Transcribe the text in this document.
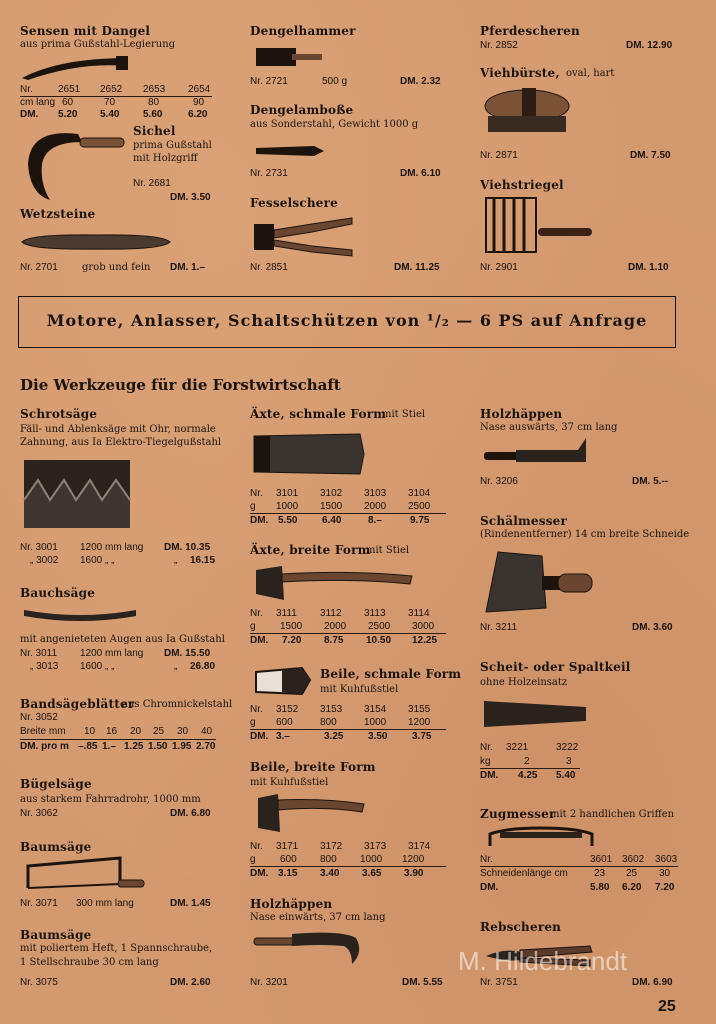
Sensen mit Dangel
aus prima Gußstahl-Legierung
Nr.	2651 2652 2653 2654
cm lang 60	70	80	90
DM. 5.20 5.40 5.60	6.20
Sichel
prima Gußstahl
mit Holzgriff
Nr. 2681
DM. 3.50
Wetzsteine
Nr. 2701 grob und fein DM. 1.–
Dengelhammer
Nr. 2721	500 g	DM. 2.32
Dengelamboße
aus Sonderstahl, Gewicht 1000 g
Nr. 2731	DM. 6.10
Fesselschere
Nr. 2851	DM. 11.25
Pferdescheren
Nr. 2852	DM. 12.90
Viehbürste, oval, hart
Nr. 2871	DM. 7.50
Viehstriegel
Nr. 2901	DM. 1.10
Motore, Anlasser, Schaltschützen von ¹/₂ — 6 PS auf Anfrage
Die Werkzeuge für die Forstwirtschaft
Schrotsäge
Fäll- und Ablenksäge mit Ohr, normale
Zahnung, aus Ia Elektro-Tiegelgußstahl
Nr. 3001 1200 mm lang DM. 10.35
„ 3002 1600 „ „	„ 16.15
Bauchsäge
mit angenieteten Augen aus Ia Gußstahl
Nr. 3011 1200 mm lang DM. 15.50
„ 3013 1600 „ „	„ 26.80
Bandsägeblätter
aus Chromnickelstahl
Nr. 3052
Breite mm 10 16 20 25 30 40
DM. pro m –.85 1.– 1.25 1.50 1.95 2.70
Bügelsäge
aus starkem Fahrradrohr, 1000 mm
Nr. 3062	DM. 6.80
Baumsäge
Nr. 3071 300 mm lang	DM. 1.45
Baumsäge
mit poliertem Heft, 1 Spannschraube,
1 Stellschraube 30 cm lang
Nr. 3075	DM. 2.60
Äxte, schmale Form
mit Stiel
Nr. 3101 3102 3103 3104
g 1000 1500 2000 2500
DM. 5.50 6.40	8.–	9.75
Äxte, breite Form
mit Stiel
Nr. 3111 3112 3113 3114
g 1500 2000 2500 3000
DM. 7.20 8.75 10.50 12.25
Beile, schmale Form
mit Kuhfußstiel
Nr. 3152 3153 3154 3155
g 600	800	1000 1200
DM. 3.–	3.25 3.50 3.75
Beile, breite Form
mit Kuhfußstiel
Nr. 3171 3172 3173 3174
g 600 800 1000 1200
DM. 3.15 3.40 3.65 3.90
Holzhäppen
Nase einwärts, 37 cm lang
Nr. 3201	DM. 5.55
Holzhäppen
Nase auswärts, 37 cm lang
Nr. 3206	DM. 5.--
Schälmesser
(Rindenentferner) 14 cm breite Schneide
Nr. 3211	DM. 3.60
Scheit- oder Spaltkeil
ohne Holzeinsatz
Nr. 3221	3222
kg	2	3
DM. 4.25 5.40
Zugmesser
mit 2 handlichen Griffen
Nr.	3601 3602 3603
Schneidenlänge cm	23 25 30
DM.	5.80 6.20 7.20
Rebscheren
Nr. 3751	DM. 6.90
M. Hildebrandt
25
